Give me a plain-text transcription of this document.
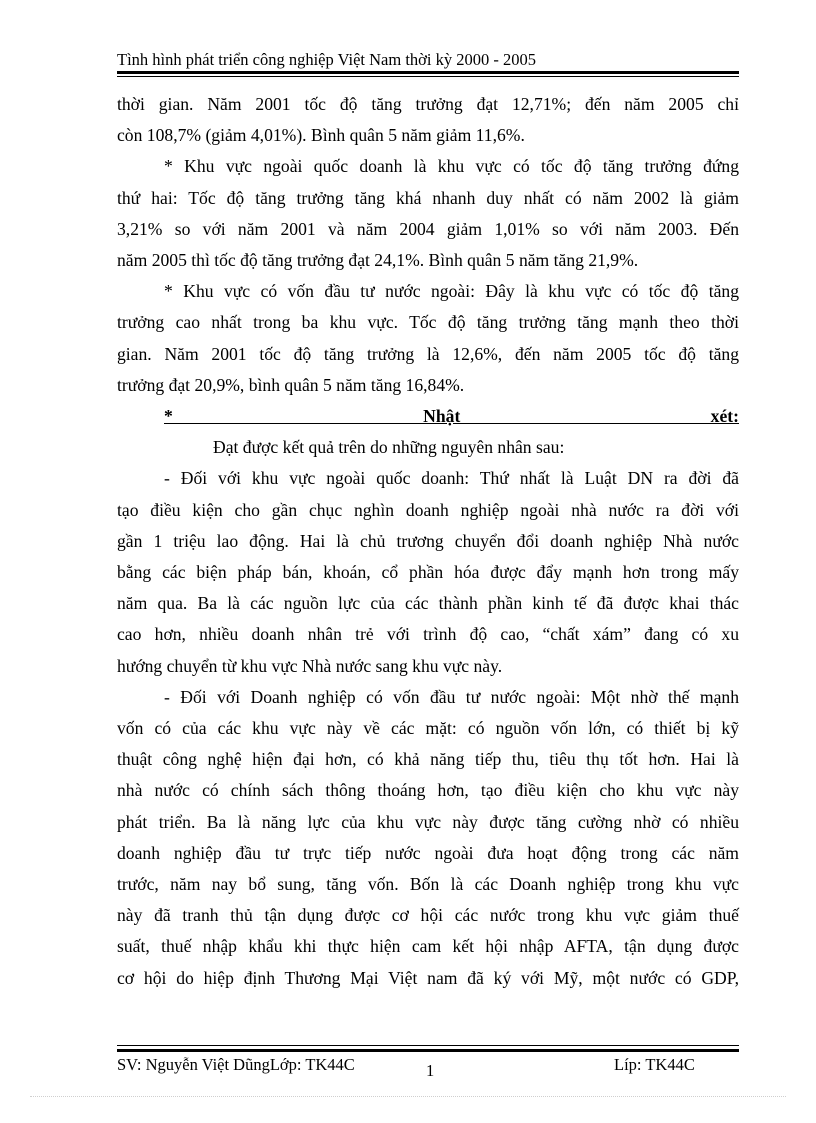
Tình hình phát triển công nghiệp Việt Nam thời kỳ 2000 - 2005

thời gian. Năm 2001 tốc độ tăng trưởng đạt 12,71%; đến năm 2005 chỉ

còn 108,7% (giảm 4,01%). Bình quân 5 năm giảm 11,6%.

* Khu vực ngoài quốc doanh là khu vực có tốc độ tăng trưởng đứng

thứ hai: Tốc độ tăng trưởng tăng khá nhanh duy nhất có năm 2002 là giảm

3,21% so với năm 2001 và năm 2004 giảm 1,01% so với năm 2003. Đến

năm 2005 thì tốc độ tăng trưởng đạt 24,1%. Bình quân 5 năm tăng 21,9%.

* Khu vực có vốn đầu tư nước ngoài: Đây là khu vực có tốc độ tăng

trưởng cao nhất trong ba khu vực. Tốc độ tăng trưởng tăng mạnh theo thời

gian. Năm 2001 tốc độ tăng trưởng là 12,6%, đến năm 2005 tốc độ tăng

trưởng đạt 20,9%, bình quân 5 năm tăng 16,84%.

* Nhật xét:

Đạt được kết quả trên do những nguyên nhân sau:

- Đối với khu vực ngoài quốc doanh: Thứ nhất là Luật DN ra đời đã

tạo điều kiện cho gần chục nghìn doanh nghiệp ngoài nhà nước ra đời với

gần 1 triệu lao động. Hai là chủ trương chuyển đổi doanh nghiệp Nhà nước

bằng các biện pháp bán, khoán, cổ phần hóa được đẩy mạnh hơn trong mấy

năm qua. Ba là các nguồn lực của các thành phần kinh tế đã được khai thác

cao hơn, nhiều doanh nhân trẻ với trình độ cao, “chất xám” đang có xu

hướng chuyển từ khu vực Nhà nước sang khu vực này.

- Đối với Doanh nghiệp có vốn đầu tư nước ngoài: Một nhờ thế mạnh

vốn có của các khu vực này về các mặt: có nguồn vốn lớn, có thiết bị kỹ

thuật công nghệ hiện đại hơn, có khả năng tiếp thu, tiêu thụ tốt hơn. Hai là

nhà nước có chính sách thông thoáng hơn, tạo điều kiện cho khu vực này

phát triển. Ba là năng lực của khu vực này được tăng cường nhờ có nhiều

doanh nghiệp đầu tư trực tiếp nước ngoài đưa hoạt động trong các năm

trước, năm nay bổ sung, tăng vốn. Bốn là các Doanh nghiệp trong khu vực

này đã tranh thủ tận dụng được cơ hội các nước trong khu vực giảm thuế

suất, thuế nhập khẩu khi thực hiện cam kết hội nhập AFTA, tận dụng được

cơ hội do hiệp định Thương Mại Việt nam đã ký với Mỹ, một nước có GDP,

SV: Nguyễn Việt DũngLớp: TK44C	1	Líp: TK44C
